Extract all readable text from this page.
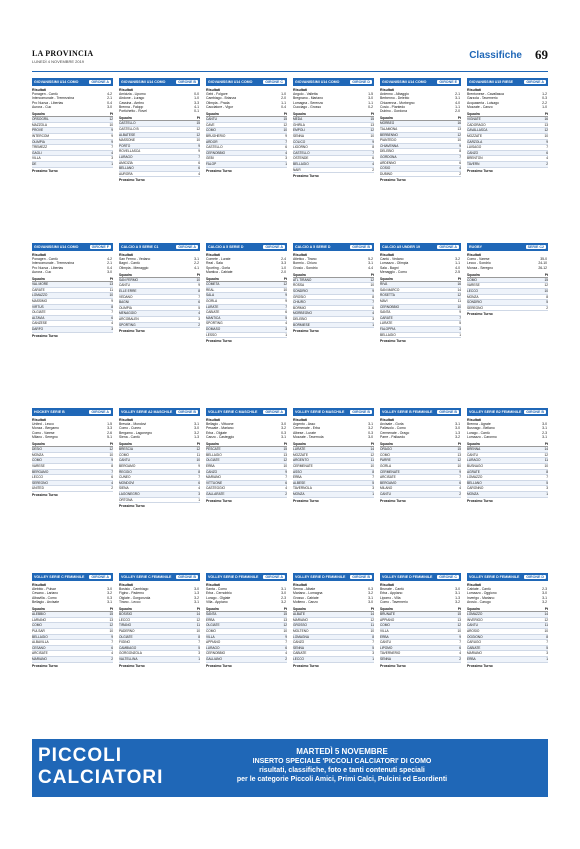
LA PROVINCIA
LUNEDÌ 4 NOVEMBRE 2019
Classifiche 69
GIOVANISSIMI U14 COMO	GIRONE A
Risultati
Ponagen - Cantù	4-2
Intercomunale - Tremezzina	2-1
Pro Nuova - Libertas	0-4
Aurora - Cuc	3-0
Squadra	Pt
ORSOGRIL	12
MAZZOLA	10
PROVE	9
INTERCOM	9
OLIMPIA	9
TREMEZZ	7
GAGLI	4
VILLA	3
DE	1
Prossimo Turno
GIOVANISSIMI U14 COMO	GIRONE B
Risultati
Amicizia - Lipomo	0-0
Airdone - Lurago	1-0
Cassina - Ambro	3-3
Brenna - Falopp	4-1
Portichetto - Rovel	0-1
Squadra	Pt
CASTELLO	15
CASTELLO B	12
ALBATESE	12
MASSONE	10
PORTO	9
ROVELLASCA	9
LURAGO	7
AMICIZIA	6
BELLANO	6
AURORA	4
Prossimo Turno
GIOVANISSIMI U14 COMO	GIRONE C
Risultati
Gebi - Folgore	1-0
Cambiago - Brianza	2-0
Olimpia - Prada	1-1
Cacciatore - Vigor	0-4
Squadra	Pt
CANTU	15
CAVE	12
COMO	10
BRUGHERIO	9
ARDOR	7
CASTELLO	6
CERNOBBIO	4
GEBI	3
FALOP	1
Prossimo Turno
GIOVANISSIMI U14 COMO	GIRONE D
Risultati
Angolo - Valletta	1-5
Bregnano - Mariano	3-0
Lomagna - Serenza	1-1
Cucciago - Grosso	0-2
Squadra	Pt
MEDA	15
GHIRLA	13
EMPOLI	12
SENNA	10
COLICO	9
LIGORNO	8
CASTELLO	7
OSTENDE	6
BELLAGIO	4
NAIR	2
Prossimo Turno
GIOVANISSIMI U14 COMO	GIRONE E
Risultati
Ardenno - Albaggio	2-1
Berbenno - Delebio	3-1
Chiavenna - Morbegno	4-0
Cosio - Piantedo	1-1
Dubino - Gordona	2-0
Squadra	Pt
MORBEG	16
TALAMONA	13
BERBENNO	12
PIANTEDO	10
CHIAVENNA	9
DELEBIO	8
GORDONA	7
ARDENNO	6
COSIO	4
DUBINO	2
Prossimo Turno
GIOVANISSIMI U15 RIESE	GIRONE A
Risultati
Brentonese - Cavallasca	1-2
Garzola - Tavernerio	0-3
Acquaseria - Luisago	2-2
Mozzate - Canzo	1-0
Squadra	Pt
VIGNATE	16
CADORAGO	13
CAVALLASCA	12
MOZZATE	10
GARZOLA	9
LUISAGO	7
CANZO	6
BRENTON	4
TAVERN	2
Prossimo Turno
GIOVANISSIMI U14 COMO	GIRONE F
Risultati
Ponagen - Cantù	4-2
Intercomunale - Tremezzina	2-1
Pro Nuova - Libertas	0-4
Aurora - Cuc	3-0
Squadra	Pt
VAL MORE	13
CARATE	11
LOMAZZO	10
MASSIMO	9
VIRTUS	8
OLGIATE	7
ALTAVIA	6
CANZESE	4
DARFO	3
Prossimo Turno
CALCIO A 5 SERIE C1	GIRONE A
Risultati
San Fermo - Vedano	3-1
Bagni - Cantù	2-2
Olimpia - Menaggio	4-1
Squadra	Pt
SAN FERMO	10
CANTU	9
ELLE ERRE	8
VEDANO	7
BAGNI	6
OLIMPIA	5
MENAGGIO	4
ARCOBALEN	3
SPORTING	2
Prossimo Turno
CALCIO A 5 SERIE D	GIRONE A
Risultati
Comete - Lurate	2-4
Real - Sala	3-3
Sporting - Gorla	1-0
Mantica - Cabiate	2-0
Squadra	Pt
COMETA	12
REAL	10
SALA	9
GORLA	9
LURATE	7
CABIATE	6
MANTICA	5
SPORTING	4
DOMASO	3
LESSO	1
Prossimo Turno
CALCIO A 5 SERIE D	GIRONE B
Risultati
Atletico - Tirano	5-2
Bormio - Chiuro	3-1
Grosio - Sondrio	4-4
Squadra	Pt
ATL TIRANO	12
ROSSA	10
SONDRIO	9
GROSIO	8
CHIURO	7
BORMIO	6
MORBEGNO	4
DELEBIO	3
BORMIESE	1
Prossimo Turno
CALCIO A5 UNDER 19	GIRONE A
Risultati
Cantù - Vedano	3-2
Lomazzo - Olimpia	1-1
Sala - Bagni	4-0
Menaggio - Como	2-5
Squadra	Pt
RIVA	16
SAN MARCO	14
ROSETTA	12
MAVI	11
CERNOBBIO	10
SANTA	9
CARATE	7
LURATE	5
FALOPPIA	3
BELLAGIO	1
Prossimo Turno
RUGBY	SERIE C2
Risultati
Como - Varese	35-0
Lecco - Sondrio	24-10
Monza - Seregno	26-12
Squadra	Pt
COMO	15
VARESE	12
LECCO	10
MONZA	8
SONDRIO	5
SEREGNO	2
Prossimo Turno
HOCKEY SERIE B	GIRONE A
Risultati
United - Lecco	1-5
Monza - Bergamo	3-3
Como - Varese	2-6
Milano - Seregno	5-1
Squadra	Pt
DESIO	12
MONZA	10
COMO	9
VARESE	8
BERGAMO	7
LECCO	6
SEREGNO	4
UNITED	2
Prossimo Turno
VOLLEY SERIE A2 MASCHILE	GIRONE B
Risultati
Brescia - Mondovì	3-1
Como - Cuneo	3-0
Bergamo - Lagonegro	3-2
Siena - Cantù	1-3
Squadra	Pt
BRESCIA	12
COMO	11
CANTU	10
BERGAMO	9
REGGIO	8
CUNEO	7
MONDOVI	6
SIENA	4
LAGONEGRO	3
ORTONA	1
Prossimo Turno
VOLLEY SERIE C MASCHILE	GIRONE A
Risultati
Bellagio - Vittuone	3-0
Pescate - Mariano	3-2
Erba - Olgiate	0-3
Canzo - Casteggio	3-1
Squadra	Pt
PESCATE	15
BELLAGIO	13
OLGIATE	12
ERBA	10
CANZO	9
MARIANO	7
VITTUONE	6
CASTEGGIO	4
GALLARATE	2
Prossimo Turno
VOLLEY SERIE D MASCHILE	GIRONE B
Risultati
Argento - Asso	3-1
Cermenate - Erba	3-2
Albese - Lurate	0-3
Mozzate - Tavernola	3-0
Squadra	Pt
LURATE	14
MOZZATE	12
ARGENTO	11
CERMENATE	10
ASSO	8
ERBA	7
ALBESE	5
TAVERNOLA	3
MONZA	1
Prossimo Turno
VOLLEY SERIE B FEMMINILE	GIRONE B
Risultati
Arcisate - Gorla	3-1
Pallavolo - Como	3-0
Cermenate - Orago	1-3
Parre - Pallavolo	3-2
Squadra	Pt
ORAGO	15
COMO	13
PARRE	12
GORLA	10
CERMENATE	9
ARCISATE	7
BERGAMO	6
MILANO	4
CANTU	2
Prossimo Turno
VOLLEY SERIE B2 FEMMINILE	GIRONE B
Risultati
Brenna - Agrate	3-0
Busnago - Bellano	3-1
Lurago - Cantù	2-3
Lomazzo - Caronno	3-1
Squadra	Pt
BRENNA	14
CANTU	12
LURAGO	11
BUSNAGO	10
AGRATE	8
LOMAZZO	7
BELLANO	5
CARONNO	3
MONZA	1
Prossimo Turno
VOLLEY SERIE C FEMMINILE	GIRONE A
Risultati
Alebbio - Pulsar	3-0
Cesano - Lariano	3-2
Albavilla - Como	0-3
Bellagio - Arcisate	3-1
Squadra	Pt
ALEBBIO	15
LARIANO	13
COMO	12
PULSAR	10
BELLAGIO	9
ALBAVILLA	7
CESANO	6
ARCISATE	4
MARIANO	2
Prossimo Turno
VOLLEY SERIE C FEMMINILE	GIRONE B
Risultati
Bosisio - Cambiago	3-0
Figino - Paderno	1-3
Olgiate - Gorgonzola	3-2
Tirano - Lecco	3-1
Squadra	Pt
BOSISIO	14
LECCO	12
TIRANO	11
PADERNO	10
OLGIATE	8
FIGINO	7
CAMBIAGO	5
GORGONZOLA	3
VALTELLINA	1
Prossimo Turno
VOLLEY SERIE D FEMMINILE	GIRONE A
Risultati
Santa - Como	3-1
Erba - Cernobbio	3-0
Lurago - Olgiate	2-3
Villa - Appiano	3-2
Squadra	Pt
SANTA	15
ERBA	13
OLGIATE	12
COMO	10
VILLA	9
APPIANO	7
LURAGO	6
CERNOBBIO	4
GALLIANO	2
Prossimo Turno
VOLLEY SERIE D FEMMINILE	GIRONE B
Risultati
Senna - Albate	0-3
Mariano - Lomagna	3-2
Grosso - Cabiate	3-1
Molteno - Canzo	3-0
Squadra	Pt
ALBATE	14
MARIANO	12
GROSSO	11
MOLTENO	10
LOMAGNA	8
CANZO	7
SENNA	5
CABIATE	3
LECCO	1
Prossimo Turno
VOLLEY SERIE D FEMMINILE	GIRONE C
Risultati
Brunate - Cantù	3-0
Erba - Appiano	3-1
Lipomo - Villa	1-3
Como - Tavernerio	3-2
Squadra	Pt
BRUNATE	15
APPIANO	13
COMO	12
VILLA	10
ERBA	9
CANTU	7
LIPOMO	6
TAVERNERIO	4
SENNA	2
Prossimo Turno
VOLLEY SERIE D FEMMINILE	GIRONE D
Risultati
Cabiate - Cantù	2-3
Lomazzo - Oggiono	3-0
Inverigo - Mariano	3-1
Arosio - Carugo	3-2
Squadra	Pt
LOMAZZO	14
INVERIGO	12
CANTU	11
AROSIO	10
OGGIONO	8
CARUGO	7
CABIATE	5
MARIANO	3
ERBA	1
Prossimo Turno
PICCOLI
CALCIATORI
MARTEDÌ 5 NOVEMBRE
INSERTO SPECIALE 'PICCOLI CALCIATORI' DI COMO
risultati, classifiche, foto e tanti contenuti speciali
per le categorie Piccoli Amici, Primi Calci, Pulcini ed Esordienti
